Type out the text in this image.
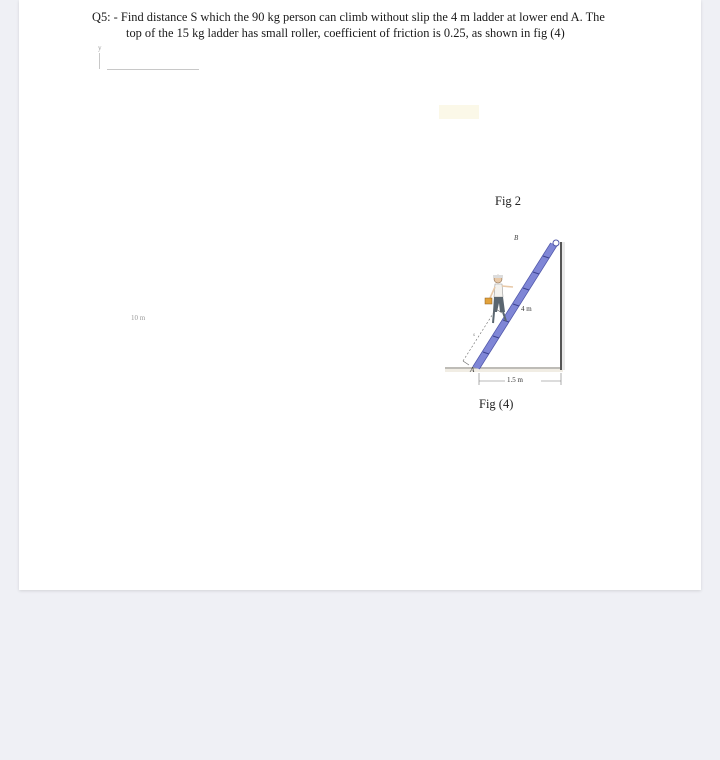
Q5: - Find distance S which the 90 kg person can climb without slip the 4 m ladder at lower end A. The
top of the 15 kg ladder has small roller, coefficient of friction is 0.25, as shown in fig (4)
y
10 m
Fig 2
B
A
4 m
1.5 m
s
Fig (4)
